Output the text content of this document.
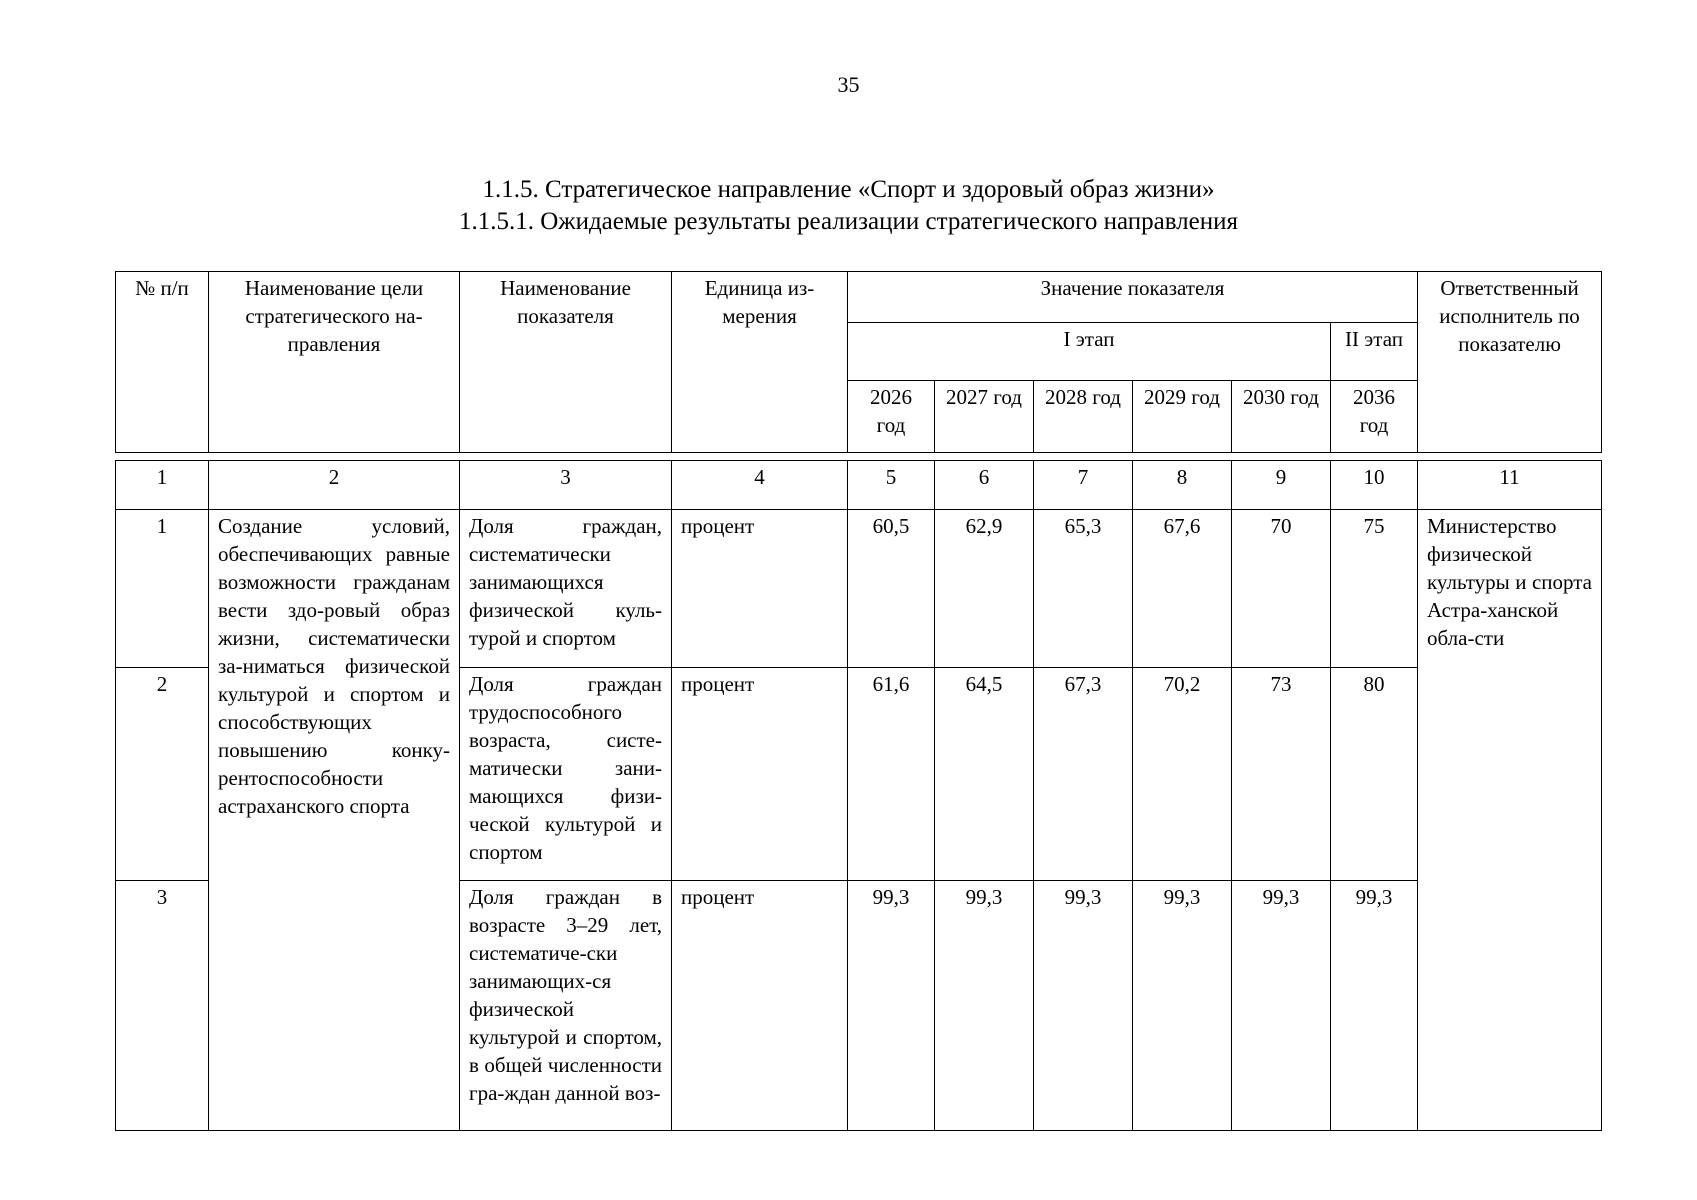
35
1.1.5. Стратегическое направление «Спорт и здоровый образ жизни»
1.1.5.1. Ожидаемые результаты реализации стратегического направления
№ п/п	Наименование цели стратегического на-правления	Наименование показателя	Единица из-мерения	Значение показателя						Ответственный исполнитель по показателю
				I этап					II этап	
				2026 год	2027 год	2028 год	2029 год	2030 год	2036 год	
1	2	3	4	5	6	7	8	9	10	11
1	Создание условий, обеспечивающих равные возможности гражданам вести здо-ровый образ жизни, систематически за-ниматься физической культурой и спортом и способствующих повышению конку-рентоспособности астраханского спорта	Доля граждан, систематически занимающихся физической куль-турой и спортом	процент	60,5	62,9	65,3	67,6	70	75	Министерство физической культуры и спорта Астра-ханской обла-сти
2		Доля граждан трудоспособного возраста, систе-матически зани-мающихся физи-ческой культурой и спортом	процент	61,6	64,5	67,3	70,2	73	80	
3		Доля граждан в возрасте 3–29 лет, систематиче-ски занимающих-ся физической культурой и спортом, в общей численности гра-ждан данной воз-	процент	99,3	99,3	99,3	99,3	99,3	99,3	
